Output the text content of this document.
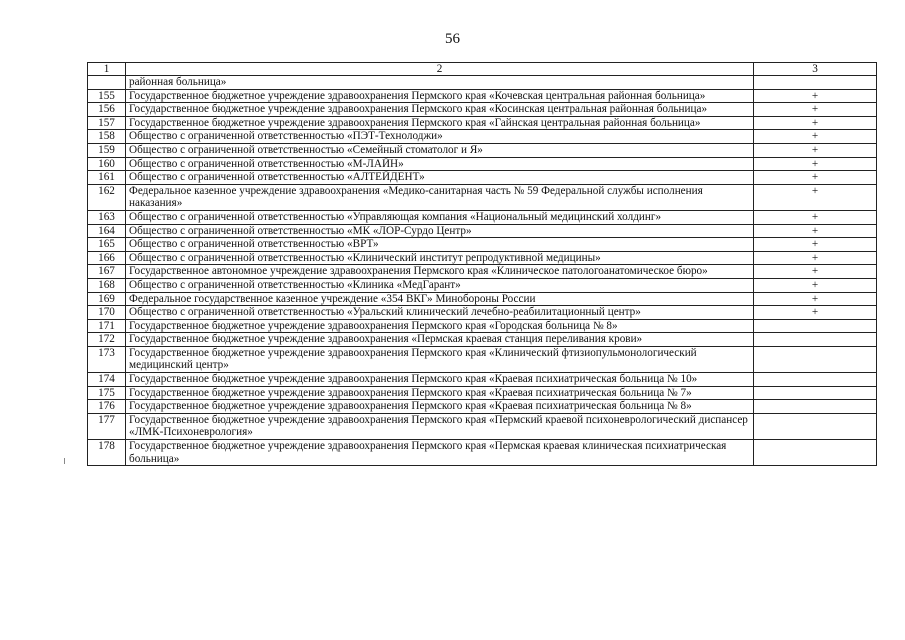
56
1	2	3
	районная больница»	
155	Государственное бюджетное учреждение здравоохранения Пермского края «Кочевская центральная районная больница»	+
156	Государственное бюджетное учреждение здравоохранения Пермского края «Косинская центральная районная больница»	+
157	Государственное бюджетное учреждение здравоохранения Пермского края «Гайнская центральная районная больница»	+
158	Общество с ограниченной ответственностью «ПЭТ-Технолоджи»	+
159	Общество с ограниченной ответственностью «Семейный стоматолог и Я»	+
160	Общество с ограниченной ответственностью «М-ЛАЙН»	+
161	Общество с ограниченной ответственностью «АЛТЕЙДЕНТ»	+
162	Федеральное казенное учреждение здравоохранения «Медико-санитарная часть № 59 Федеральной службы исполнения наказания»	+
163	Общество с ограниченной ответственностью «Управляющая компания «Национальный медицинский холдинг»	+
164	Общество с ограниченной ответственностью «МК «ЛОР-Сурдо Центр»	+
165	Общество с ограниченной ответственностью «ВРТ»	+
166	Общество с ограниченной ответственностью «Клинический институт репродуктивной медицины»	+
167	Государственное автономное учреждение здравоохранения Пермского края «Клиническое патологоанатомическое бюро»	+
168	Общество с ограниченной ответственностью «Клиника «МедГарант»	+
169	Федеральное государственное казенное учреждение «354 ВКГ» Минобороны России	+
170	Общество с ограниченной ответственностью «Уральский клинический лечебно-реабилитационный центр»	+
171	Государственное бюджетное учреждение здравоохранения Пермского края «Городская больница № 8»	
172	Государственное бюджетное учреждение здравоохранения «Пермская краевая станция переливания крови»	
173	Государственное бюджетное учреждение здравоохранения Пермского края «Клинический фтизиопульмонологический медицинский центр»	
174	Государственное бюджетное учреждение здравоохранения Пермского края «Краевая психиатрическая больница № 10»	
175	Государственное бюджетное учреждение здравоохранения Пермского края «Краевая психиатрическая больница № 7»	
176	Государственное бюджетное учреждение здравоохранения Пермского края «Краевая психиатрическая больница № 8»	
177	Государственное бюджетное учреждение здравоохранения Пермского края «Пермский краевой психоневрологический диспансер «ЛМК-Психоневрология»	
178	Государственное бюджетное учреждение здравоохранения Пермского края «Пермская краевая клиническая психиатрическая больница»	
